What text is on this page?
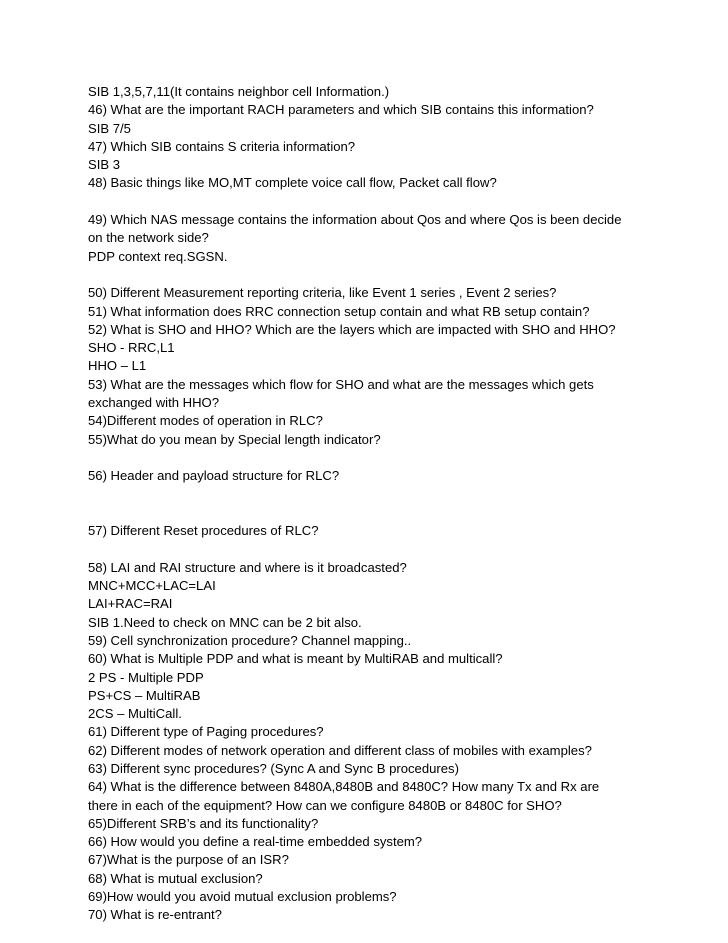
SIB 1,3,5,7,11(It contains neighbor cell Information.)
46) What are the important RACH parameters and which SIB contains this information?
SIB 7/5
47) Which SIB contains S criteria information?
SIB 3
48) Basic things like MO,MT complete voice call flow, Packet call flow?
49) Which NAS message contains the information about Qos and where Qos is been decide
on the network side?
PDP context req.SGSN.
50) Different Measurement reporting criteria, like Event 1 series , Event 2 series?
51) What information does RRC connection setup contain and what RB setup contain?
52) What is SHO and HHO? Which are the layers which are impacted with SHO and HHO?
SHO - RRC,L1
HHO – L1
53) What are the messages which flow for SHO and what are the messages which gets
exchanged with HHO?
54)Different modes of operation in RLC?
55)What do you mean by Special length indicator?
56) Header and payload structure for RLC?
57) Different Reset procedures of RLC?
58) LAI and RAI structure and where is it broadcasted?
MNC+MCC+LAC=LAI
LAI+RAC=RAI
SIB 1.Need to check on MNC can be 2 bit also.
59) Cell synchronization procedure? Channel mapping..
60) What is Multiple PDP and what is meant by MultiRAB and multicall?
2 PS - Multiple PDP
PS+CS – MultiRAB
2CS – MultiCall.
61) Different type of Paging procedures?
62) Different modes of network operation and different class of mobiles with examples?
63) Different sync procedures? (Sync A and Sync B procedures)
64) What is the difference between 8480A,8480B and 8480C? How many Tx and Rx are
there in each of the equipment? How can we configure 8480B or 8480C for SHO?
65)Different SRB’s and its functionality?
66) How would you define a real-time embedded system?
67)What is the purpose of an ISR?
68) What is mutual exclusion?
69)How would you avoid mutual exclusion problems?
70) What is re-entrant?
